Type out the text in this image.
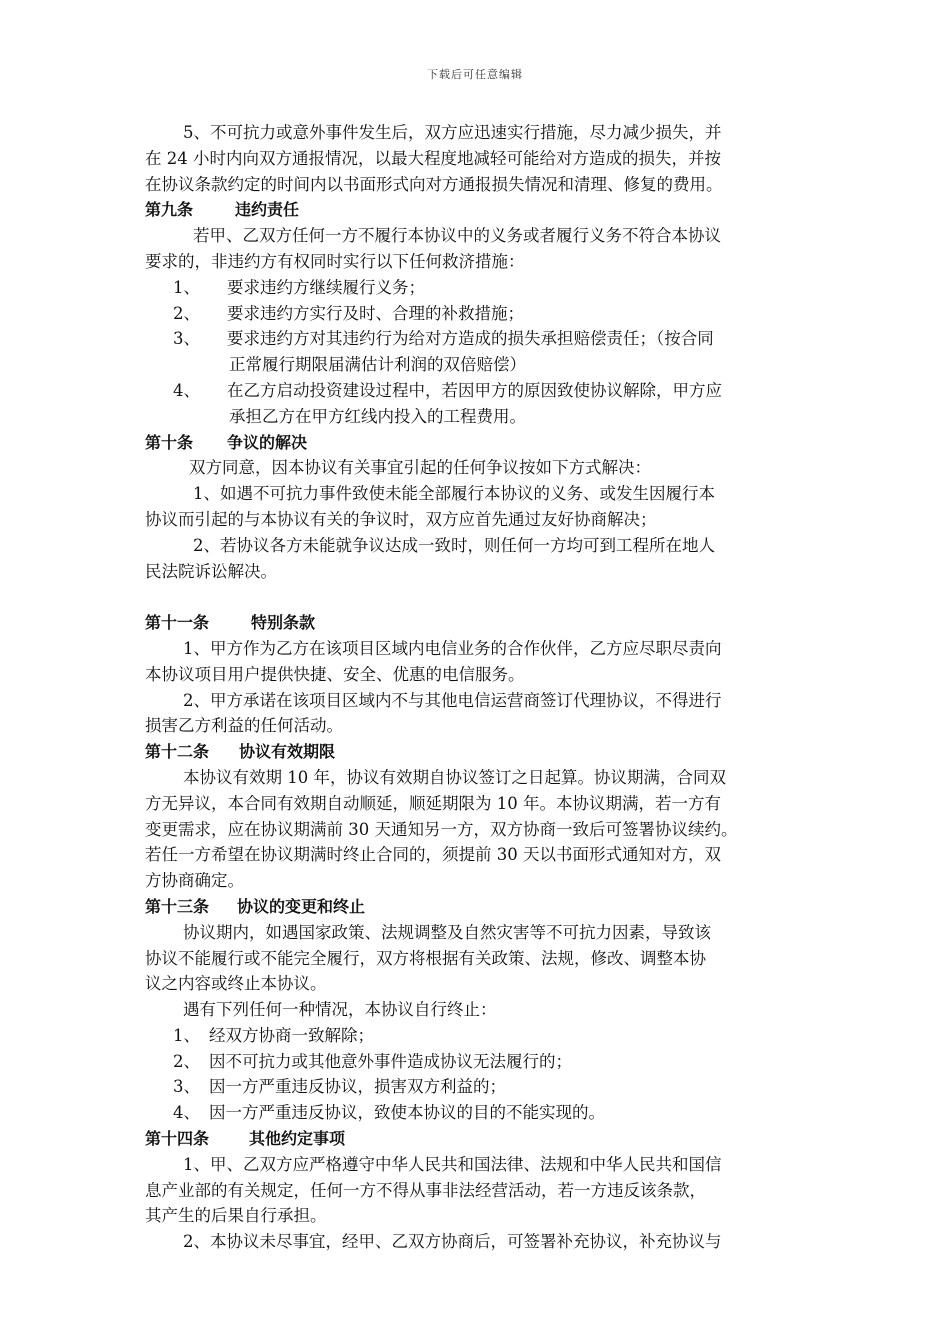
下载后可任意编辑
5、不可抗力或意外事件发生后，双方应迅速实行措施，尽力减少损失，并
在 24 小时内向双方通报情况，以最大程度地减轻可能给对方造成的损失，并按
在协议条款约定的时间内以书面形式向对方通报损失情况和清理、修复的费用。
第九条	违约责任
若甲、乙双方任何一方不履行本协议中的义务或者履行义务不符合本协议
要求的，非违约方有权同时实行以下任何救济措施：
1、 要求违约方继续履行义务；
2、 要求违约方实行及时、合理的补救措施；
3、 要求违约方对其违约行为给对方造成的损失承担赔偿责任；（按合同
正常履行期限届满估计利润的双倍赔偿）
4、 在乙方启动投资建设过程中，若因甲方的原因致使协议解除，甲方应
承担乙方在甲方红线内投入的工程费用。
第十条 争议的解决
双方同意，因本协议有关事宜引起的任何争议按如下方式解决：
1、如遇不可抗力事件致使未能全部履行本协议的义务、或发生因履行本
协议而引起的与本协议有关的争议时，双方应首先通过友好协商解决；
2、若协议各方未能就争议达成一致时，则任何一方均可到工程所在地人
民法院诉讼解决。
第十一条	特别条款
1、甲方作为乙方在该项目区域内电信业务的合作伙伴，乙方应尽职尽责向
本协议项目用户提供快捷、安全、优惠的电信服务。
2、甲方承诺在该项目区域内不与其他电信运营商签订代理协议，不得进行
损害乙方利益的任何活动。
第十二条 协议有效期限
本协议有效期 10 年，协议有效期自协议签订之日起算。协议期满，合同双
方无异议，本合同有效期自动顺延，顺延期限为 10 年。本协议期满，若一方有
变更需求，应在协议期满前 30 天通知另一方，双方协商一致后可签署协议续约。
若任一方希望在协议期满时终止合同的，须提前 30 天以书面形式通知对方，双
方协商确定。
第十三条 协议的变更和终止
协议期内，如遇国家政策、法规调整及自然灾害等不可抗力因素，导致该
协议不能履行或不能完全履行，双方将根据有关政策、法规，修改、调整本协
议之内容或终止本协议。
遇有下列任何一种情况，本协议自行终止：
1、 经双方协商一致解除；
2、 因不可抗力或其他意外事件造成协议无法履行的；
3、 因一方严重违反协议，损害双方利益的；
4、 因一方严重违反协议，致使本协议的目的不能实现的。
第十四条	其他约定事项
1、甲、乙双方应严格遵守中华人民共和国法律、法规和中华人民共和国信
息产业部的有关规定，任何一方不得从事非法经营活动，若一方违反该条款，
其产生的后果自行承担。
2、本协议未尽事宜，经甲、乙双方协商后，可签署补充协议，补充协议与
